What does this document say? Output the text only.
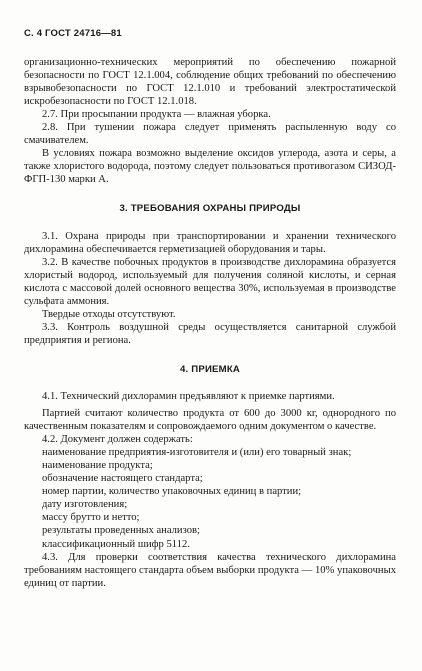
С. 4 ГОСТ 24716—81

организационно-технических мероприятий по обеспечению пожарной безопасности по ГОСТ 12.1.004, соблюдение общих требований по обеспечению взрывобезопасности по ГОСТ 12.1.010 и требований электростатической искробезопасности по ГОСТ 12.1.018.

2.7. При просыпании продукта — влажная уборка.

2.8. При тушении пожара следует применять распыленную воду со смачивателем.

В условиях пожара возможно выделение оксидов углерода, азота и серы, а также хлористого водорода, поэтому следует пользоваться противогазом СИЗОД-ФГП-130 марки А.

3. ТРЕБОВАНИЯ ОХРАНЫ ПРИРОДЫ

3.1. Охрана природы при транспортировании и хранении технического дихлорамина обеспечивается герметизацией оборудования и тары.

3.2. В качестве побочных продуктов в производстве дихлорамина образуется хлористый водород, используемый для получения соляной кислоты, и серная кислота с массовой долей основного вещества 30%, используемая в производстве сульфата аммония.

Твердые отходы отсутствуют.

3.3. Контроль воздушной среды осуществляется санитарной службой предприятия и региона.

4. ПРИЕМКА

4.1. Технический дихлорамин предъявляют к приемке партиями.

Партией считают количество продукта от 600 до 3000 кг, однородного по качественным показателям и сопровождаемого одним документом о качестве.

4.2. Документ должен содержать:

наименование предприятия-изготовителя и (или) его товарный знак;

наименование продукта;

обозначение настоящего стандарта;

номер партии, количество упаковочных единиц в партии;

дату изготовления;

массу брутто и нетто;

результаты проведенных анализов;

классификационный шифр 5112.

4.3. Для проверки соответствия качества технического дихлорамина требованиям настоящего стандарта объем выборки продукта — 10% упаковочных единиц от партии.
